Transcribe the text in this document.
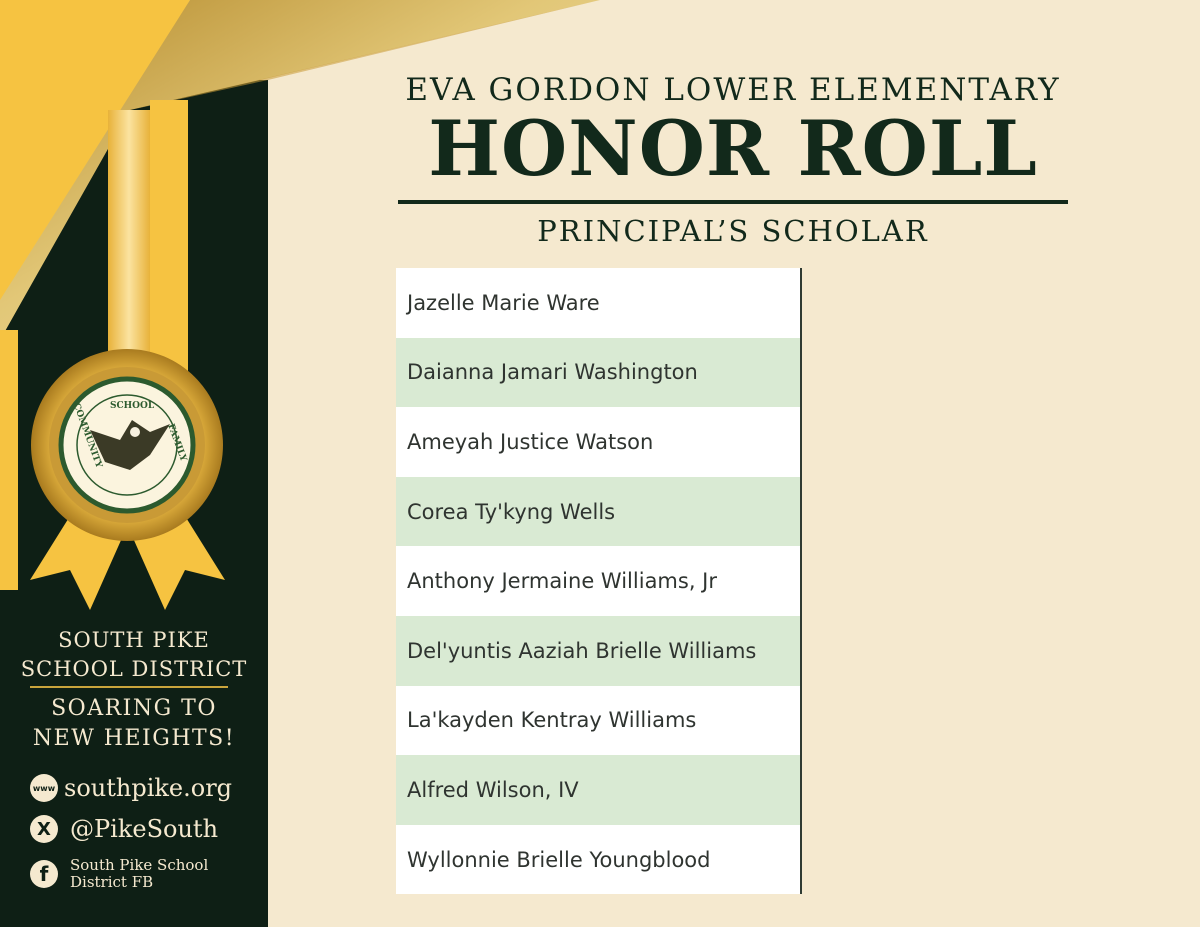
SCHOOL
FAMILY
COMMUNITY
SOUTH PIKE
SCHOOL DISTRICT
SOARING TO
NEW HEIGHTS!
www southpike.org
X @PikeSouth
f	South Pike School District FB
EVA GORDON LOWER ELEMENTARY
HONOR ROLL
PRINCIPAL’S SCHOLAR
Jazelle Marie Ware
Daianna Jamari Washington
Ameyah Justice Watson
Corea Ty'kyng Wells
Anthony Jermaine Williams, Jr
Del'yuntis Aaziah Brielle Williams
La'kayden Kentray Williams
Alfred Wilson, IV
Wyllonnie Brielle Youngblood
